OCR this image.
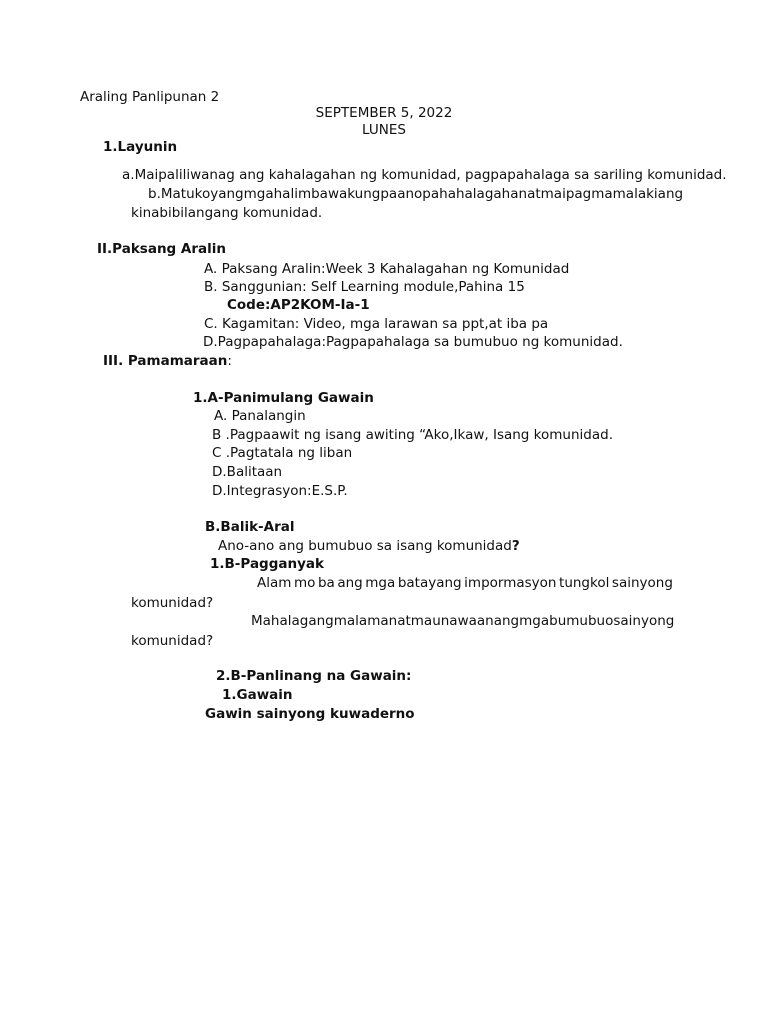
Araling Panlipunan 2
SEPTEMBER 5, 2022
LUNES
1.Layunin
a.Maipaliliwanag ang kahalagahan ng komunidad, pagpapahalaga sa sariling komunidad.
b.Matukoy ang mga halimbawa kung paano pahahalagahan at maipagmamalaki ang
kinabibilangang komunidad.
II.Paksang Aralin
A. Paksang Aralin:Week 3 Kahalagahan ng Komunidad
B. Sanggunian: Self Learning module,Pahina 15
Code:AP2KOM-Ia-1
C. Kagamitan: Video, mga larawan sa ppt,at iba pa
D.Pagpapahalaga:Pagpapahalaga sa bumubuo ng komunidad.
III. Pamamaraan:
1.A-Panimulang Gawain
A. Panalangin
B .Pagpaawit ng isang awiting “Ako,Ikaw, Isang komunidad.
C .Pagtatala ng liban
D.Balitaan
D.Integrasyon:E.S.P.
B.Balik-Aral
Ano-ano ang bumubuo sa isang komunidad?
1.B-Pagganyak
Alam mo ba ang mga batayang impormasyon tungkol sainyong
komunidad?
Mahalagang malaman at maunawaan ang mga bumubuo sainyong
komunidad?
2.B-Panlinang na Gawain:
1.Gawain
Gawin sainyong kuwaderno
